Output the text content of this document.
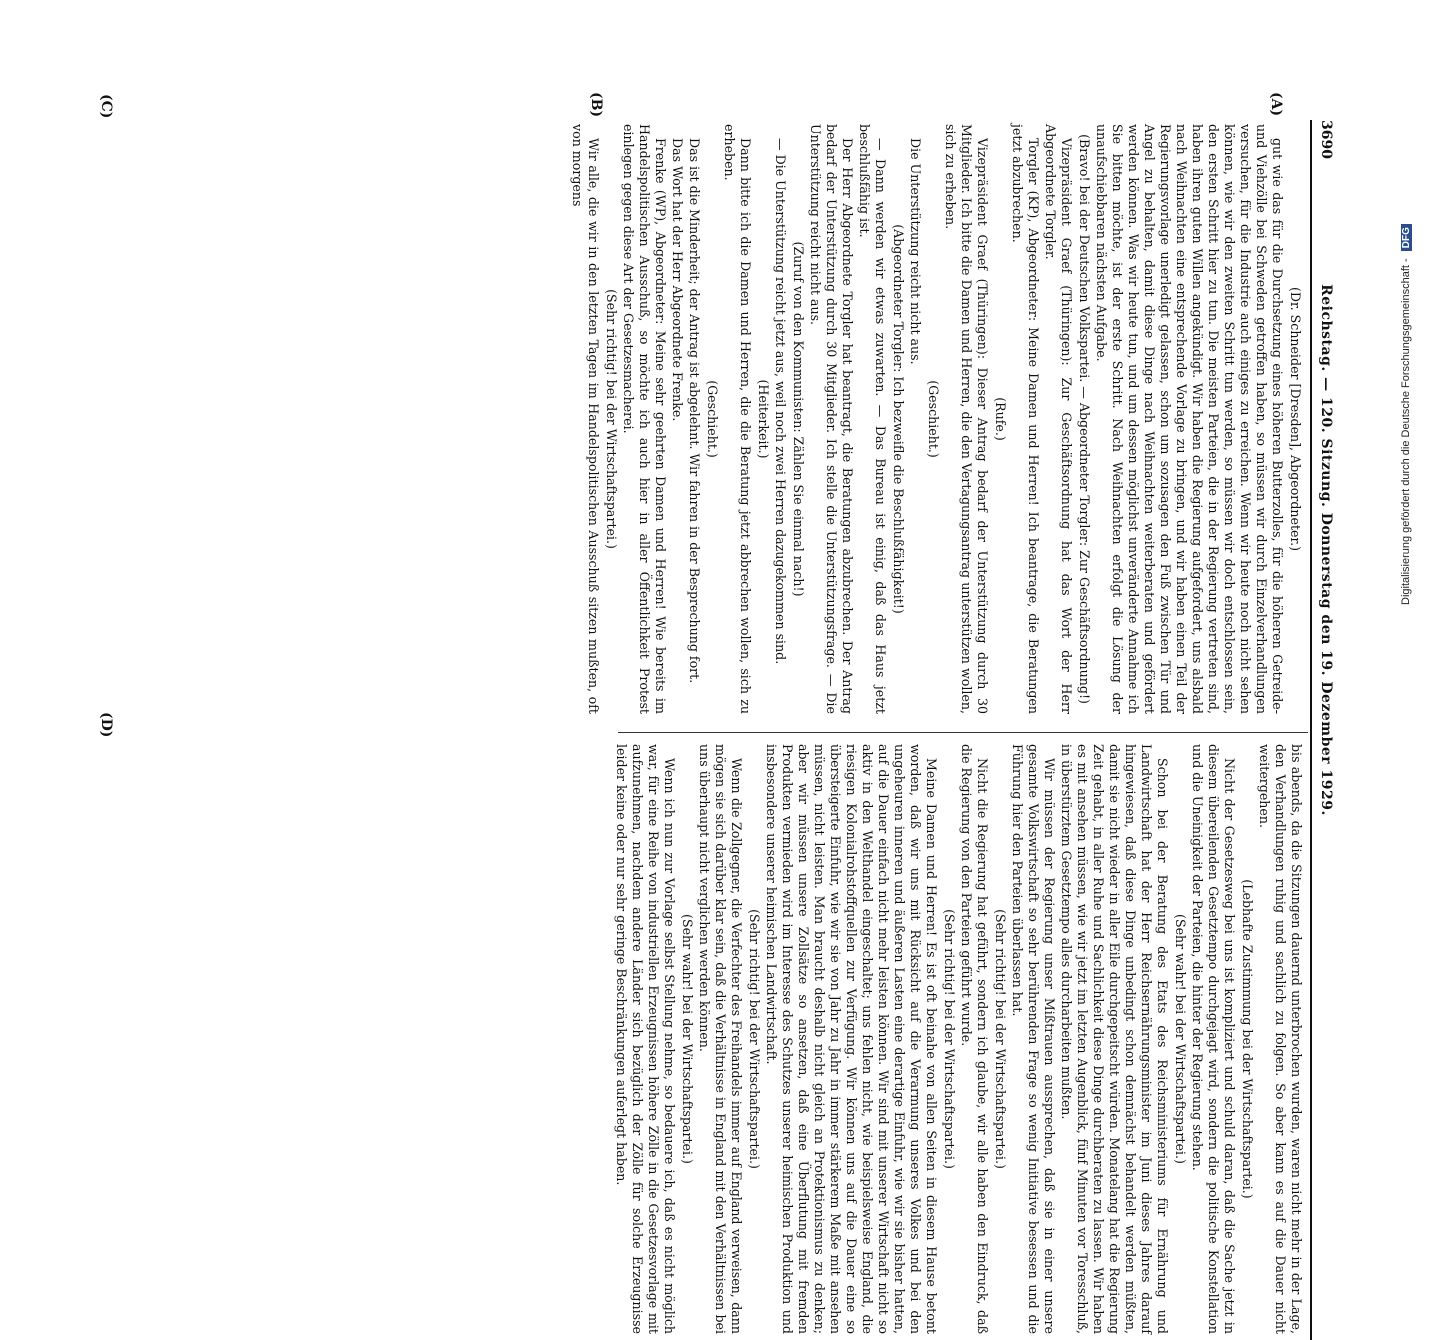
3690
Reichstag. — 120. Sitzung. Donnerstag den 19. Dezember 1929.
(A)
(B)
(C)
(D)

(Dr. Schneider [Dresden], Abgeordneter.)

gut wie das für die Durchsetzung eines höheren Butterzolles, für die höheren Getreide- und Viehzölle bei Schweden getroffen haben, so müssen wir durch Einzelverhandlungen versuchen, für die Industrie auch einiges zu erreichen. Wenn wir heute noch nicht sehen können, wie wir den zweiten Schritt tun werden, so müssen wir doch entschlossen sein, den ersten Schritt hier zu tun. Die meisten Parteien, die in der Regierung vertreten sind, haben ihren guten Willen angekündigt. Wir haben die Regierung aufgefordert, uns alsbald nach Weihnachten eine entsprechende Vorlage zu bringen, und wir haben einen Teil der Regierungsvorlage unerledigt gelassen, schon um sozusagen den Fuß zwischen Tür und Angel zu behalten, damit diese Dinge nach Weihnachten weiterberaten und gefördert werden können. Was wir heute tun, und um dessen möglichst unveränderte Annahme ich Sie bitten möchte, ist der erste Schritt. Nach Weihnachten erfolgt die Lösung der unaufschiebbaren nächsten Aufgabe.

(Bravo! bei der Deutschen Volkspartei. — Abgeordneter Torgler: Zur Geschäftsordnung!)

Vizepräsident Graef (Thüringen): Zur Geschäftsordnung hat das Wort der Herr Abgeordnete Torgler.

Torgler (KP), Abgeordneter: Meine Damen und Herren! Ich beantrage, die Beratungen jetzt abzubrechen.

(Rufe.)

Vizepräsident Graef (Thüringen): Dieser Antrag bedarf der Unterstützung durch 30 Mitglieder. Ich bitte die Damen und Herren, die den Vertagungsantrag unterstützen wollen, sich zu erheben.

(Geschieht.)

Die Unterstützung reicht nicht aus.

(Abgeordneter Torgler: Ich bezweifle die Beschlußfähigkeit!)

— Dann werden wir etwas zuwarten. — Das Bureau ist einig, daß das Haus jetzt beschlußfähig ist.

Der Herr Abgeordnete Torgler hat beantragt, die Beratungen abzubrechen. Der Antrag bedarf der Unterstützung durch 30 Mitglieder. Ich stelle die Unterstützungsfrage. — Die Unterstützung reicht nicht aus.

(Zuruf von den Kommunisten: Zählen Sie einmal nach!)

— Die Unterstützung reicht jetzt aus, weil noch zwei Herren dazugekommen sind.

(Heiterkeit.)

Dann bitte ich die Damen und Herren, die die Beratung jetzt abbrechen wollen, sich zu erheben.

(Geschieht.)

Das ist die Minderheit; der Antrag ist abgelehnt. Wir fahren in der Besprechung fort.

Das Wort hat der Herr Abgeordnete Frenke.

Frenke (WP), Abgeordneter: Meine sehr geehrten Damen und Herren! Wie bereits im Handelspolitischen Ausschuß, so möchte ich auch hier in aller Öffentlichkeit Protest einlegen gegen diese Art der Gesetzesmacherei.

(Sehr richtig! bei der Wirtschaftspartei.)

Wir alle, die wir in den letzten Tagen im Handelspolitischen Ausschuß sitzen mußten, oft von morgens

bis abends, da die Sitzungen dauernd unterbrochen wurden, waren nicht mehr in der Lage, den Verhandlungen ruhig und sachlich zu folgen. So aber kann es auf die Dauer nicht weitergehen.

(Lebhafte Zustimmung bei der Wirtschaftspartei.)

Nicht der Gesetzesweg bei uns ist kompliziert und schuld daran, daß die Sache jetzt in diesem übereilenden Gesetztempo durchgejagt wird, sondern die politische Konstellation und die Uneinigkeit der Parteien, die hinter der Regierung stehen.

(Sehr wahr! bei der Wirtschaftspartei.)

Schon bei der Beratung des Etats des Reichsministeriums für Ernährung und Landwirtschaft hat der Herr Reichsernährungsminister im Juni dieses Jahres darauf hingewiesen, daß diese Dinge unbedingt schon demnächst behandelt werden müßten, damit sie nicht wieder in aller Eile durchgepeitscht würden. Monatelang hat die Regierung Zeit gehabt, in aller Ruhe und Sachlichkeit diese Dinge durchberaten zu lassen. Wir haben es mit ansehen müssen, wie wir jetzt im letzten Augenblick, fünf Minuten vor Toresschluß, in überstürztem Gesetztempo alles durcharbeiten mußten.

Wir müssen der Regierung unser Mißtrauen aussprechen, daß sie in einer unsere gesamte Volkswirtschaft so sehr berührenden Frage so wenig Initiative besessen und die Führung hier den Parteien überlassen hat.

(Sehr richtig! bei der Wirtschaftspartei.)

Nicht die Regierung hat geführt, sondern ich glaube, wir alle haben den Eindruck, daß die Regierung von den Parteien geführt wurde.

(Sehr richtig! bei der Wirtschaftspartei.)

Meine Damen und Herren! Es ist oft beinahe von allen Seiten in diesem Hause betont worden, daß wir uns mit Rücksicht auf die Verarmung unseres Volkes und bei den ungeheuren inneren und äußeren Lasten eine derartige Einfuhr, wie wir sie bisher hatten, auf die Dauer einfach nicht mehr leisten können. Wir sind mit unserer Wirtschaft nicht so aktiv in den Welthandel eingeschaltet; uns fehlen nicht, wie beispielsweise England, die riesigen Kolonialrohstoffquellen zur Verfügung. Wir können uns auf die Dauer eine so übersteigerte Einfuhr, wie wir sie von Jahr zu Jahr in immer stärkerem Maße mit ansehen müssen, nicht leisten. Man braucht deshalb nicht gleich an Protektionismus zu denken; aber wir müssen unsere Zollsätze so ansetzen, daß eine Überflutung mit fremden Produkten vermieden wird im Interesse des Schutzes unserer heimischen Produktion und insbesondere unserer heimischen Landwirtschaft.

(Sehr richtig! bei der Wirtschaftspartei.)

Wenn die Zollgegner, die Verfechter des Freihandels immer auf England verweisen, dann mögen sie sich darüber klar sein, daß die Verhältnisse in England mit den Verhältnissen bei uns überhaupt nicht verglichen werden können.

(Sehr wahr! bei der Wirtschaftspartei.)

Wenn ich nun zur Vorlage selbst Stellung nehme, so bedauere ich, daß es nicht möglich war, für eine Reihe von industriellen Erzeugnissen höhere Zölle in die Gesetzesvorlage mit aufzunehmen, nachdem andere Länder sich bezüglich der Zölle für solche Erzeugnisse leider keine oder nur sehr geringe Beschränkungen auferlegt haben.

Digitalisierung gefördert durch die Deutsche Forschungsgemeinschaft - DFG
